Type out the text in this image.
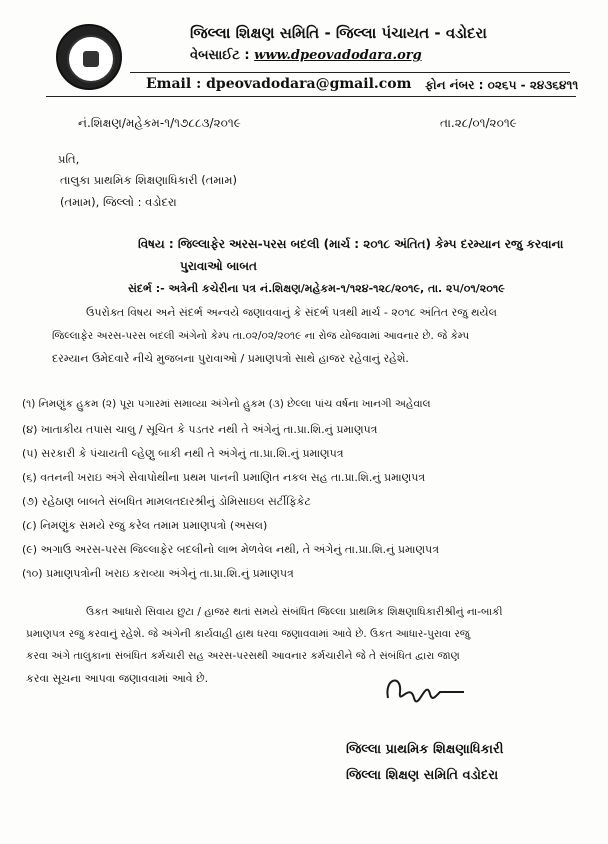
જિલ્લા શિક્ષણ સમિતિ - જિલ્લા પંચાયત - વડોદરા
વેબસાઈટ : www.dpeovadodara.org
Email : dpeovadodara@gmail.com ફોન નંબર : ૦૨૬૫ - ૨૪૩૬૪૧૧
નં.શિક્ષણ/મહેકમ-૧/૧૭૮૮૩/૨૦૧૯	તા.૨૮/૦૧/૨૦૧૯
પ્રતિ,
તાલુકા પ્રાથમિક શિક્ષણાધિકારી (તમામ)
(તમામ), જિલ્લો : વડોદરા
વિષય : જિલ્લાફેર અરસ-પરસ બદલી (માર્ચ : ૨૦૧૮ અંતિત) કેમ્પ દરમ્યાન રજુ કરવાના
પુરાવાઓ બાબત
સંદર્ભ :- અત્રેની કચેરીના પત્ર નં.શિક્ષણ/મહેકમ-૧/૧૨૪-૧૨૮/૨૦૧૯, તા. ૨૫/૦૧/૨૦૧૯
ઉપરોક્ત વિષય અને સંદર્ભ અન્વયે જણાવવાનું કે સંદર્ભ પત્રથી માર્ચ - ૨૦૧૮ અંતિત રજુ થયેલ
જિલ્લાફેર અરસ-પરસ બદલી અંગેનો કેમ્પ તા.૦૨/૦૨/૨૦૧૯ ના રોજ યોજવામાં આવનાર છે. જે કેમ્પ
દરમ્યાન ઉમેદવારે નીચે મુજબના પુરાવાઓ / પ્રમાણપત્રો સાથે હાજર રહેવાનું રહેશે.
(૧) નિમણુંક હુકમ (૨) પૂરા પગારમાં સમાવ્યા અંગેનો હુકમ (૩) છેલ્લા પાંચ વર્ષના ખાનગી અહેવાલ
(૪) ખાતાકીય તપાસ ચાલુ / સૂચિત કે પડતર નથી તે અંગેનું તા.પ્રા.શિ.નું પ્રમાણપત્ર
(૫) સરકારી કે પંચાયતી લ્હેણુ બાકી નથી તે અંગેનું તા.પ્રા.શિ.નું પ્રમાણપત્ર
(૬) વતનની ખરાઇ અંગે સેવાપોથીના પ્રથમ પાનની પ્રમાણિત નકલ સહ તા.પ્રા.શિ.નું પ્રમાણપત્ર
(૭) રહેઠાણ બાબતે સંબધિત મામલતદારશ્રીનું ડોમિસાઇલ સર્ટીફિકેટ
(૮) નિમણુંક સમયે રજુ કરેલ તમામ પ્રમાણપત્રો (અસલ)
(૯) અગાઉ અરસ-પરસ જિલ્લાફેર બદલીનો લાભ મેળવેલ નથી, તે અંગેનું તા.પ્રા.શિ.નું પ્રમાણપત્ર
(૧૦) પ્રમાણપત્રોની ખરાઇ કરાવ્યા અંગેનું તા.પ્રા.શિ.નું પ્રમાણપત્ર
ઉકત આધારો સિવાય છુટા / હાજર થતાં સમયે સંબંધિત જિલ્લા પ્રાથમિક શિક્ષણાધિકારીશ્રીનું ના-બાકી
પ્રમાણપત્ર રજુ કરવાનું રહેશે. જે અંગેની કાર્યવાહી હાથ ધરવા જણાવવામાં આવે છે. ઉકત આધાર-પુરાવા રજુ
કરવા અંગે તાલુકાના સંબંધિત કર્મચારી સહ અરસ-પરસથી આવનાર કર્મચારીને જે તે સંબંધિત દ્વારા જાણ
કરવા સૂચના આપવા જણાવવામાં આવે છે.
જિલ્લા પ્રાથમિક શિક્ષણાધિકારી
જિલ્લા શિક્ષણ સમિતિ વડોદરા
